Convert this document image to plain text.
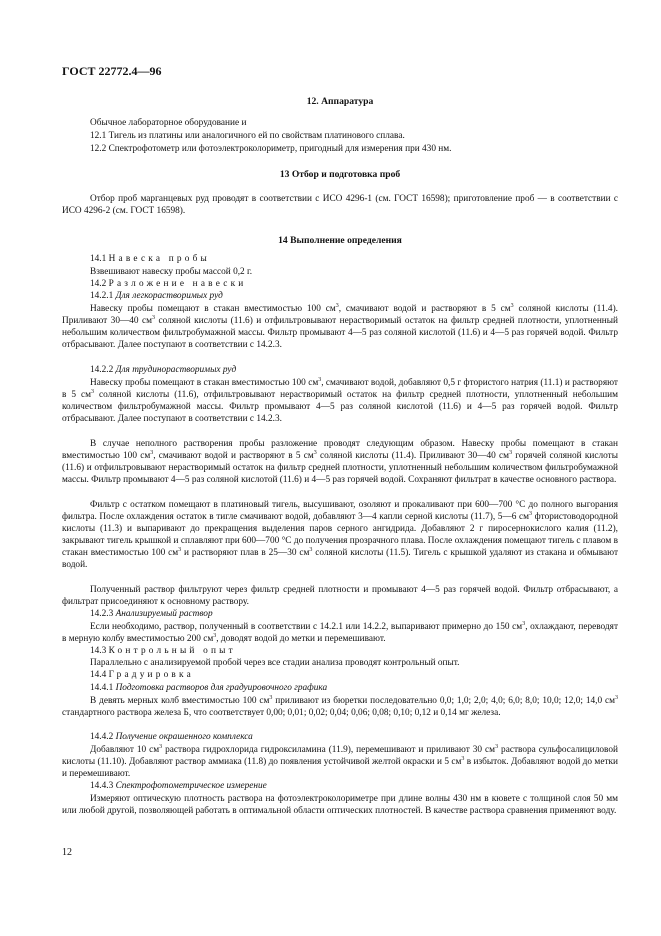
ГОСТ 22772.4—96
12. Аппаратура
Обычное лабораторное оборудование и
12.1 Тигель из платины или аналогичного ей по свойствам платинового сплава.
12.2 Спектрофотометр или фотоэлектроколориметр, пригодный для измерения при 430 нм.
13 Отбор и подготовка проб
Отбор проб марганцевых руд проводят в соответствии с ИСО 4296-1 (см. ГОСТ 16598); приготовление проб — в соответствии с ИСО 4296-2 (см. ГОСТ 16598).
14 Выполнение определения
14.1 Навеска пробы
Взвешивают навеску пробы массой 0,2 г.
14.2 Разложение навески
14.2.1 Для легкорастворимых руд
Навеску пробы помещают в стакан вместимостью 100 $см^3$, смачивают водой и растворяют в 5 $см^3$ соляной кислоты (11.4). Приливают 30—40 $см^3$ соляной кислоты (11.6) и отфильтровывают нерастворимый остаток на фильтр средней плотности, уплотненный небольшим количеством фильтробумажной массы. Фильтр промывают 4—5 раз соляной кислотой (11.6) и 4—5 раз горячей водой. Фильтр отбрасывают. Далее поступают в соответствии с 14.2.3.
14.2.2 Для трудинорастворимых руд
Навеску пробы помещают в стакан вместимостью 100 $см^3$, смачивают водой, добавляют 0,5 г фтористого натрия (11.1) и растворяют в 5 $см^3$ соляной кислоты (11.6), отфильтровывают нерастворимый остаток на фильтр средней плотности, уплотненный небольшим количеством фильтробумажной массы. Фильтр промывают 4—5 раз соляной кислотой (11.6) и 4—5 раз горячей водой. Фильтр отбрасывают. Далее поступают в соответствии с 14.2.3.
В случае неполного растворения пробы разложение проводят следующим образом. Навеску пробы помещают в стакан вместимостью 100 $см^3$, смачивают водой и растворяют в 5 $см^3$ соляной кислоты (11.4). Приливают 30—40 $см^3$ горячей соляной кислоты (11.6) и отфильтровывают нерастворимый остаток на фильтр средней плотности, уплотненный небольшим количеством фильтробумажной массы. Фильтр промывают 4—5 раз соляной кислотой (11.6) и 4—5 раз горячей водой. Сохраняют фильтрат в качестве основного раствора.
Фильтр с остатком помещают в платиновый тигель, высушивают, озоляют и прокаливают при 600—700 °С до полного выгорания фильтра. После охлаждения остаток в тигле смачивают водой, добавляют 3—4 капли серной кислоты (11.7), 5—6 $см^3$ фтористоводородной кислоты (11.3) и выпаривают до прекращения выделения паров серного ангидрида. Добавляют 2 г пиросернокислого калия (11.2), закрывают тигель крышкой и сплавляют при 600—700 °С до получения прозрачного плава. После охлаждения помещают тигель с плавом в стакан вместимостью 100 $см^3$ и растворяют плав в 25—30 $см^3$ соляной кислоты (11.5). Тигель с крышкой удаляют из стакана и обмывают водой.
Полученный раствор фильтруют через фильтр средней плотности и промывают 4—5 раз горячей водой. Фильтр отбрасывают, а фильтрат присоединяют к основному раствору.
14.2.3 Анализируемый раствор
Если необходимо, раствор, полученный в соответствии с 14.2.1 или 14.2.2, выпаривают примерно до 150 $см^3$, охлаждают, переводят в мерную колбу вместимостью 200 $см^3$, доводят водой до метки и перемешивают.
14.3 Контрольный опыт
Параллельно с анализируемой пробой через все стадии анализа проводят контрольный опыт.
14.4 Градуировка
14.4.1 Подготовка растворов для градуировочного графика
В девять мерных колб вместимостью 100 $см^3$ приливают из бюретки последовательно 0,0; 1,0; 2,0; 4,0; 6,0; 8,0; 10,0; 12,0; 14,0 $см^3$ стандартного раствора железа Б, что соответствует 0,00; 0,01; 0,02; 0,04; 0,06; 0,08; 0,10; 0,12 и 0,14 мг железа.
14.4.2 Получение окрашенного комплекса
Добавляют 10 $см^3$ раствора гидрохлорида гидроксиламина (11.9), перемешивают и приливают 30 $см^3$ раствора сульфосалициловой кислоты (11.10). Добавляют раствор аммиака (11.8) до появления устойчивой желтой окраски и 5 $см^3$ в избыток. Добавляют водой до метки и перемешивают.
14.4.3 Спектрофотометрическое измерение
Измеряют оптическую плотность раствора на фотоэлектроколориметре при длине волны 430 нм в кювете с толщиной слоя 50 мм или любой другой, позволяющей работать в оптимальной области оптических плотностей. В качестве раствора сравнения применяют воду.
12
